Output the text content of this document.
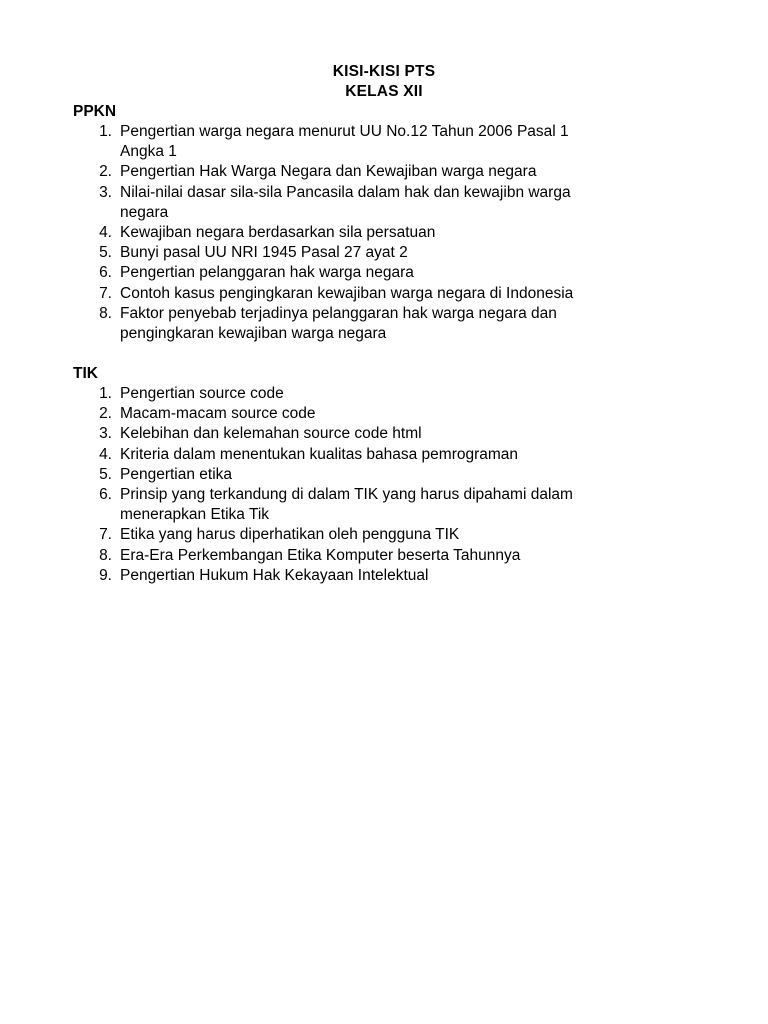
KISI-KISI PTS
KELAS XII
PPKN
1. Pengertian warga negara menurut UU No.12 Tahun 2006 Pasal 1
Angka 1
2. Pengertian Hak Warga Negara dan Kewajiban warga negara
3. Nilai-nilai dasar sila-sila Pancasila dalam hak dan kewajibn warga
negara
4. Kewajiban negara berdasarkan sila persatuan
5. Bunyi pasal UU NRI 1945 Pasal 27 ayat 2
6. Pengertian pelanggaran hak warga negara
7. Contoh kasus pengingkaran kewajiban warga negara di Indonesia
8. Faktor penyebab terjadinya pelanggaran hak warga negara dan
pengingkaran kewajiban warga negara
TIK
1. Pengertian source code
2. Macam-macam source code
3. Kelebihan dan kelemahan source code html
4. Kriteria dalam menentukan kualitas bahasa pemrograman
5. Pengertian etika
6. Prinsip yang terkandung di dalam TIK yang harus dipahami dalam
menerapkan Etika Tik
7. Etika yang harus diperhatikan oleh pengguna TIK
8. Era-Era Perkembangan Etika Komputer beserta Tahunnya
9. Pengertian Hukum Hak Kekayaan Intelektual
